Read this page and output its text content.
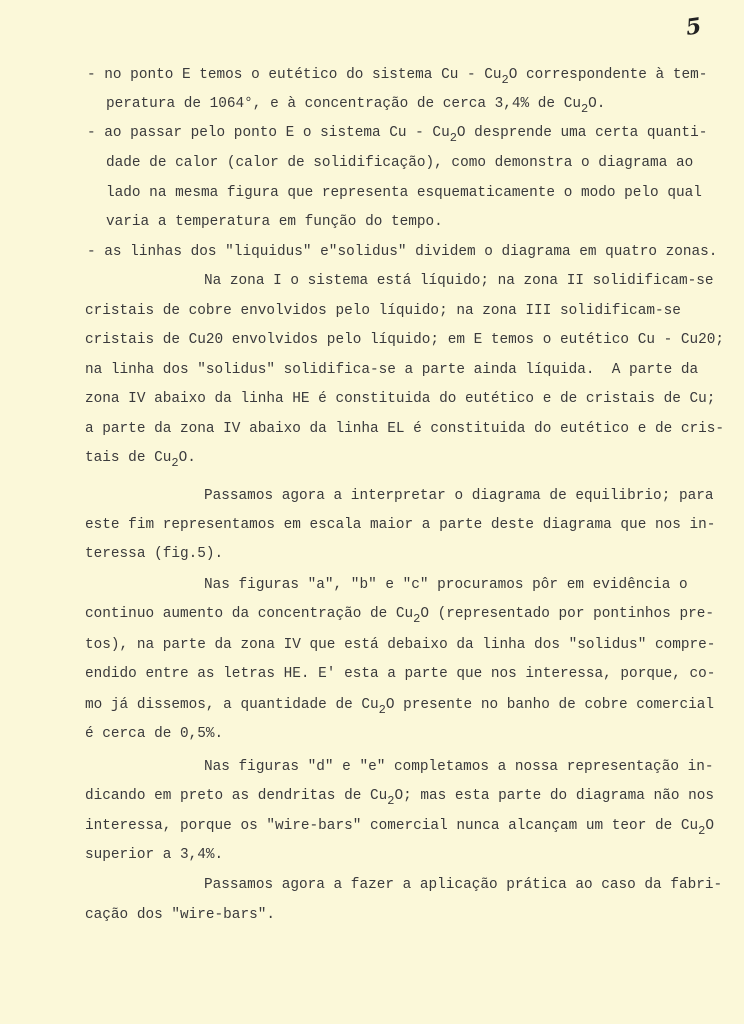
5
- no ponto E temos o eutético do sistema Cu - $Cu_2O$ correspondente à tem-
peratura de 1064°, e à concentração de cerca 3,4% de $Cu_2O$.
- ao passar pelo ponto E o sistema Cu - $Cu_2O$ desprende uma certa quanti-
dade de calor (calor de solidificação), como demonstra o diagrama ao
lado na mesma figura que representa esquematicamente o modo pelo qual
varia a temperatura em função do tempo.
- as linhas dos "liquidus" e"solidus" dividem o diagrama em quatro zonas.
Na zona I o sistema está líquido; na zona II solidificam-se
cristais de cobre envolvidos pelo líquido; na zona III solidificam-se
cristais de Cu20 envolvidos pelo líquido; em E temos o eutético Cu - Cu20;
na linha dos "solidus" solidifica-se a parte ainda líquida.  A parte da
zona IV abaixo da linha HE é constituida do eutético e de cristais de Cu;
a parte da zona IV abaixo da linha EL é constituida do eutético e de cris-
tais de $Cu_2O$.
Passamos agora a interpretar o diagrama de equilibrio; para
este fim representamos em escala maior a parte deste diagrama que nos in-
teressa (fig.5).
Nas figuras "a", "b" e "c" procuramos pôr em evidência o
continuo aumento da concentração de $Cu_2O$ (representado por pontinhos pre-
tos), na parte da zona IV que está debaixo da linha dos "solidus" compre-
endido entre as letras HE. E' esta a parte que nos interessa, porque, co-
mo já dissemos, a quantidade de $Cu_2O$ presente no banho de cobre comercial
é cerca de 0,5%.
Nas figuras "d" e "e" completamos a nossa representação in-
dicando em preto as dendritas de $Cu_2O$; mas esta parte do diagrama não nos
interessa, porque os "wire-bars" comercial nunca alcançam um teor de $Cu_2O$
superior a 3,4%.
Passamos agora a fazer a aplicação prática ao caso da fabri-
cação dos "wire-bars".
